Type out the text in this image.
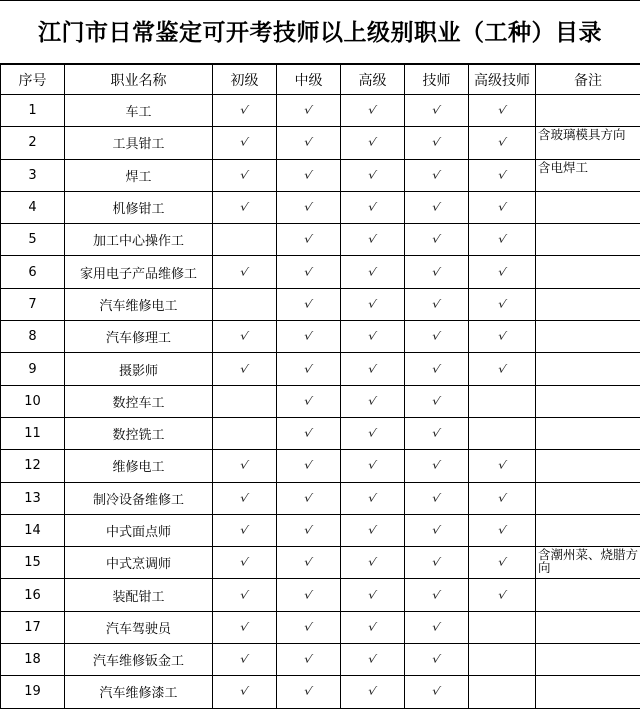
江门市日常鉴定可开考技师以上级别职业（工种）目录
序号	职业名称	初级	中级	高级	技师	高级技师	备注
1	车工	√	√	√	√	√	
2	工具钳工	√	√	√	√	√	含玻璃模具方向
3	焊工	√	√	√	√	√	含电焊工
4	机修钳工	√	√	√	√	√	
5	加工中心操作工		√	√	√	√	
6	家用电子产品维修工	√	√	√	√	√	
7	汽车维修电工		√	√	√	√	
8	汽车修理工	√	√	√	√	√	
9	摄影师	√	√	√	√	√	
10	数控车工		√	√	√		
11	数控铣工		√	√	√		
12	维修电工	√	√	√	√	√	
13	制冷设备维修工	√	√	√	√	√	
14	中式面点师	√	√	√	√	√	
15	中式烹调师	√	√	√	√	√	含潮州菜、烧腊方向
16	装配钳工	√	√	√	√	√	
17	汽车驾驶员	√	√	√	√		
18	汽车维修钣金工	√	√	√	√		
19	汽车维修漆工	√	√	√	√		
